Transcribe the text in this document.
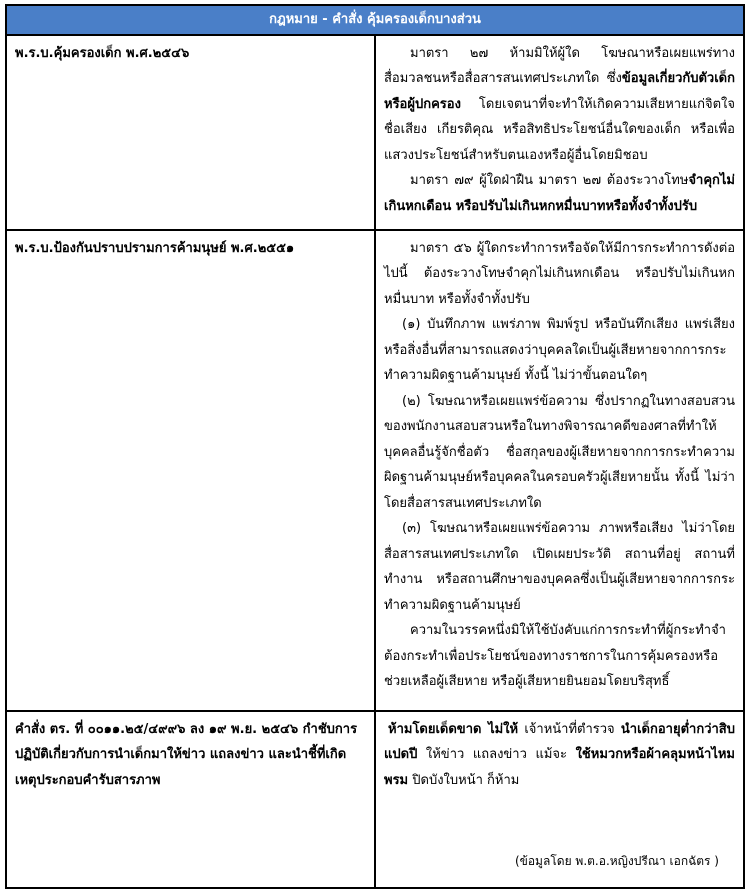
กฎหมาย - คำสั่ง คุ้มครองเด็กบางส่วน	
พ.ร.บ.คุ้มครองเด็ก พ.ศ.๒๕๔๖	มาตรา ๒๗ ห้ามมิให้ผู้ใด โฆษณาหรือเผยแพร่ทางสื่อมวลชนหรือสื่อสารสนเทศประเภทใด ซึ่งข้อมูลเกี่ยวกับตัวเด็กหรือผู้ปกครอง โดยเจตนาที่จะทำให้เกิดความเสียหายแก่จิตใจ ชื่อเสียง เกียรติคุณ หรือสิทธิประโยชน์อื่นใดของเด็ก หรือเพื่อแสวงประโยชน์สำหรับตนเองหรือผู้อื่นโดยมิชอบ

มาตรา ๗๙ ผู้ใดฝ่าฝืน มาตรา ๒๗ ต้องระวางโทษจำคุกไม่เกินหกเดือน หรือปรับไม่เกินหกหมื่นบาทหรือทั้งจำทั้งปรับ

พ.ร.บ.ป้องกันปราบปรามการค้ามนุษย์ พ.ศ.๒๕๕๑	มาตรา ๕๖ ผู้ใดกระทำการหรือจัดให้มีการกระทำการดังต่อไปนี้ ต้องระวางโทษจำคุกไม่เกินหกเดือน หรือปรับไม่เกินหกหมื่นบาท หรือทั้งจำทั้งปรับ

(๑) บันทึกภาพ แพร่ภาพ พิมพ์รูป หรือบันทึกเสียง แพร่เสียง หรือสิ่งอื่นที่สามารถแสดงว่าบุคคลใดเป็นผู้เสียหายจากการกระทำความผิดฐานค้ามนุษย์ ทั้งนี้ ไม่ว่าขั้นตอนใดๆ

(๒) โฆษณาหรือเผยแพร่ข้อความ ซึ่งปรากฏในทางสอบสวนของพนักงานสอบสวนหรือในทางพิจารณาคดีของศาลที่ทำให้บุคคลอื่นรู้จักชื่อตัว ชื่อสกุลของผู้เสียหายจากการกระทำความผิดฐานค้ามนุษย์หรือบุคคลในครอบครัวผู้เสียหายนั้น ทั้งนี้ ไม่ว่าโดยสื่อสารสนเทศประเภทใด

(๓) โฆษณาหรือเผยแพร่ข้อความ ภาพหรือเสียง ไม่ว่าโดยสื่อสารสนเทศประเภทใด เปิดเผยประวัติ สถานที่อยู่ สถานที่ทำงาน หรือสถานศึกษาของบุคคลซึ่งเป็นผู้เสียหายจากการกระทำความผิดฐานค้ามนุษย์

ความในวรรคหนึ่งมิให้ใช้บังคับแก่การกระทำที่ผู้กระทำจำต้องกระทำเพื่อประโยชน์ของทางราชการในการคุ้มครองหรือช่วยเหลือผู้เสียหาย หรือผู้เสียหายยินยอมโดยบริสุทธิ์

คำสั่ง ตร. ที่ ๐๐๑๑.๒๕/๔๙๙๖ ลง ๑๙ พ.ย. ๒๕๔๖ กำชับการปฏิบัติเกี่ยวกับการนำเด็กมาให้ข่าว แถลงข่าว และนำชี้ที่เกิดเหตุประกอบคำรับสารภาพ	ห้ามโดยเด็ดขาด ไม่ให้ เจ้าหน้าที่ตำรวจ นำเด็กอายุต่ำกว่าสิบแปดปี ให้ข่าว แถลงข่าว แม้จะ ใช้หมวกหรือผ้าคลุมหน้าไหมพรม ปิดบังใบหน้า ก็ห้าม

(ข้อมูลโดย พ.ต.อ.หญิงปรีณา เอกฉัตร )
